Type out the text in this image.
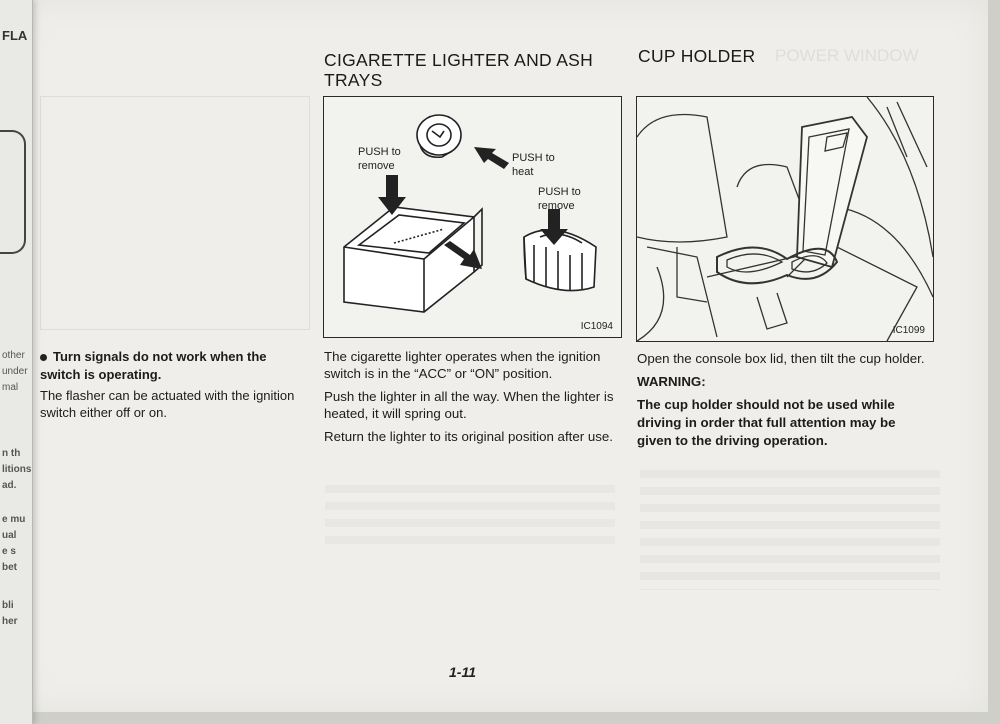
FLA
other
under
mal
n th
litions
ad.
e mu
ual
e s
bet
bli
her
Turn signals do not work when the switch is operating.
The flasher can be actuated with the ignition switch either off or on.
CIGARETTE LIGHTER AND ASH
TRAYS
PUSH to
remove
PUSH to
heat
PUSH to
remove
IC1094

The cigarette lighter operates when the ignition switch is in the “ACC” or “ON” position.

Push the lighter in all the way. When the lighter is heated, it will spring out.

Return the lighter to its original position after use.

CUP HOLDER POWER WINDOW
IC1099

Open the console box lid, then tilt the cup holder.

WARNING:
The cup holder should not be used while driving in order that full attention may be given to the driving operation.
1-11
